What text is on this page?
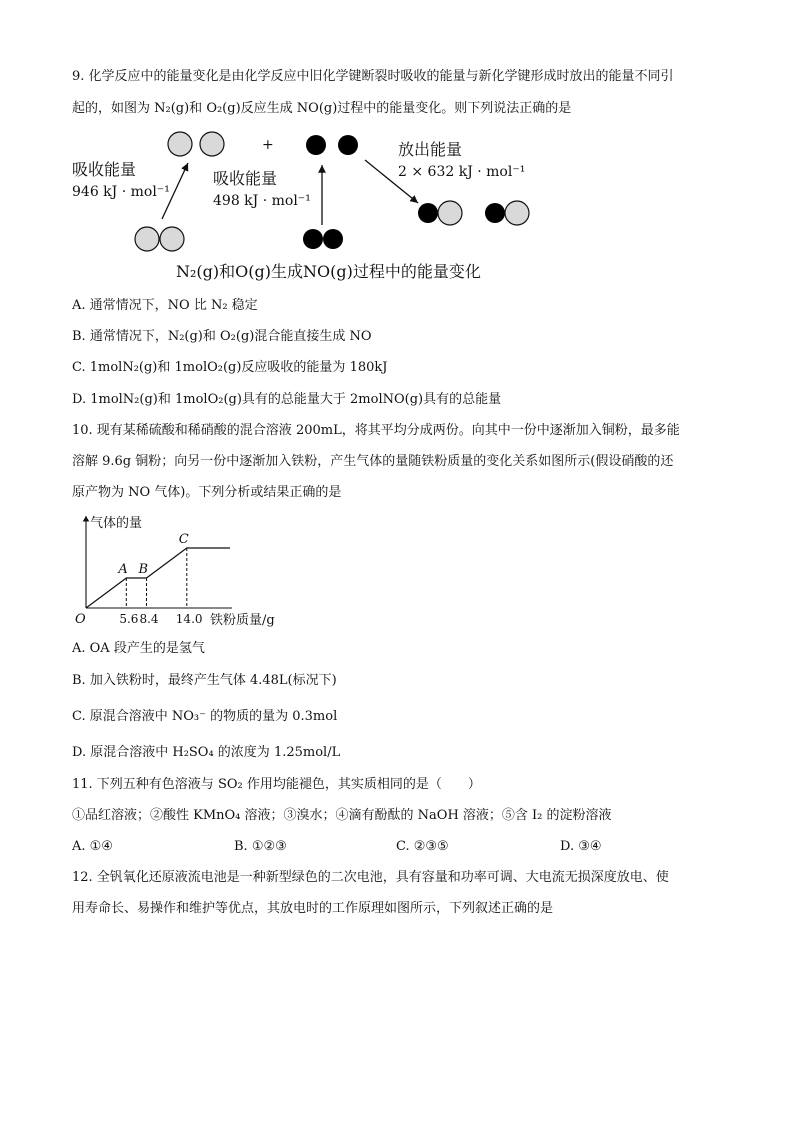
9. 化学反应中的能量变化是由化学反应中旧化学键断裂时吸收的能量与新化学键形成时放出的能量不同引
起的，如图为 N₂(g)和 O₂(g)反应生成 NO(g)过程中的能量变化。则下列说法正确的是
+
吸收能量
946 kJ · mol⁻¹
吸收能量
498 kJ · mol⁻¹
放出能量
2 × 632 kJ · mol⁻¹
N₂(g)和O(g)生成NO(g)过程中的能量变化
A. 通常情况下，NO 比 N₂ 稳定
B. 通常情况下，N₂(g)和 O₂(g)混合能直接生成 NO
C. 1molN₂(g)和 1molO₂(g)反应吸收的能量为 180kJ
D. 1molN₂(g)和 1molO₂(g)具有的总能量大于 2molNO(g)具有的总能量
10. 现有某稀硫酸和稀硝酸的混合溶液 200mL，将其平均分成两份。向其中一份中逐渐加入铜粉，最多能
溶解 9.6g 铜粉；向另一份中逐渐加入铁粉，产生气体的量随铁粉质量的变化关系如图所示(假设硝酸的还
原产物为 NO 气体)。下列分析或结果正确的是
气体的量
铁粉质量/g
O
A
5.6
B
8.4
C
14.0
A. OA 段产生的是氢气
B. 加入铁粉时，最终产生气体 4.48L(标况下)
C. 原混合溶液中 NO₃⁻ 的物质的量为 0.3mol
D. 原混合溶液中 H₂SO₄ 的浓度为 1.25mol/L
11. 下列五种有色溶液与 SO₂ 作用均能褪色，其实质相同的是（　　）
①品红溶液；②酸性 KMnO₄ 溶液；③溴水；④滴有酚酞的 NaOH 溶液；⑤含 I₂ 的淀粉溶液
A. ①④	B. ①②③	C. ②③⑤	D. ③④
12. 全钒氧化还原液流电池是一种新型绿色的二次电池，具有容量和功率可调、大电流无损深度放电、使
用寿命长、易操作和维护等优点，其放电时的工作原理如图所示，下列叙述正确的是
